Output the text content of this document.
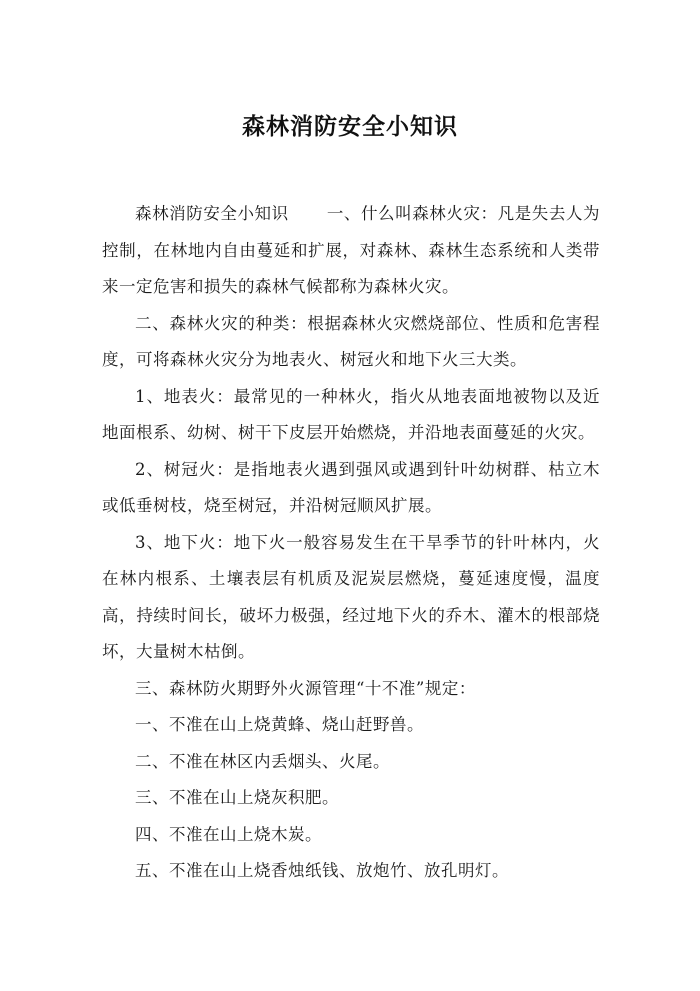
森林消防安全小知识

森林消防安全小知识 一、什么叫森林火灾：凡是失去人为控制，在林地内自由蔓延和扩展，对森林、森林生态系统和人类带来一定危害和损失的森林气候都称为森林火灾。

二、森林火灾的种类：根据森林火灾燃烧部位、性质和危害程度，可将森林火灾分为地表火、树冠火和地下火三大类。

1、地表火：最常见的一种林火，指火从地表面地被物以及近地面根系、幼树、树干下皮层开始燃烧，并沿地表面蔓延的火灾。

2、树冠火：是指地表火遇到强风或遇到针叶幼树群、枯立木或低垂树枝，烧至树冠，并沿树冠顺风扩展。

3、地下火：地下火一般容易发生在干旱季节的针叶林内，火在林内根系、土壤表层有机质及泥炭层燃烧，蔓延速度慢，温度高，持续时间长，破坏力极强，经过地下火的乔木、灌木的根部烧坏，大量树木枯倒。

三、森林防火期野外火源管理“十不准”规定：

一、不准在山上烧黄蜂、烧山赶野兽。

二、不准在林区内丢烟头、火尾。

三、不准在山上烧灰积肥。

四、不准在山上烧木炭。

五、不准在山上烧香烛纸钱、放炮竹、放孔明灯。
